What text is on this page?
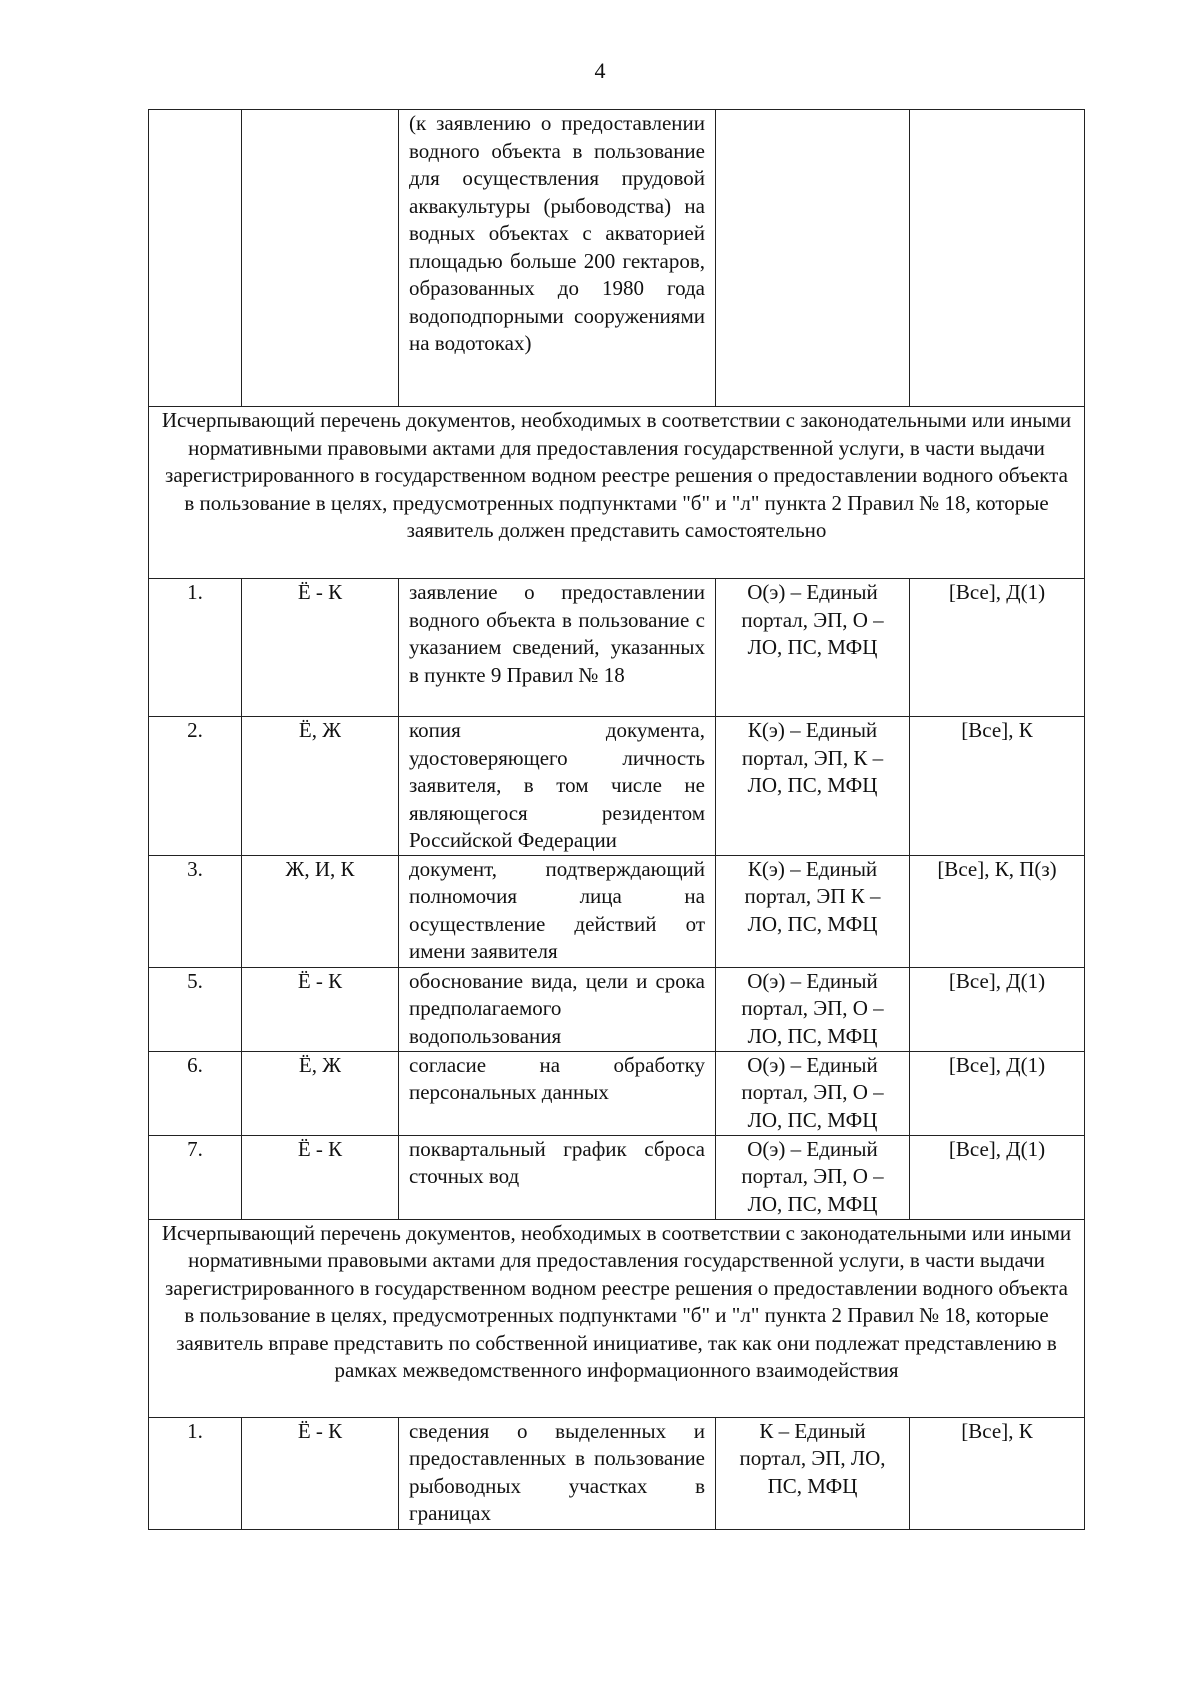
4
		(к заявлению о предоставлении водного объекта в пользование для осуществления прудовой аквакультуры (рыбоводства) на водных объектах с акваторией площадью больше 200 гектаров, образованных до 1980 года водоподпорными сооружениями на водотоках)		
Исчерпывающий перечень документов, необходимых в соответствии с законодательными или иными нормативными правовыми актами для предоставления государственной услуги, в части выдачи зарегистрированного в государственном водном реестре решения о предоставлении водного объекта в пользование в целях, предусмотренных подпунктами "б" и "л" пункта 2 Правил № 18, которые заявитель должен представить самостоятельно				
1.	Ё - К	заявление о предоставлении водного объекта в пользование с указанием сведений, указанных в пункте 9 Правил № 18	О(э) – Единый портал, ЭП, О – ЛО, ПС, МФЦ	[Все], Д(1)
2.	Ё, Ж	копия документа, удостоверяющего личность заявителя, в том числе не являющегося резидентом Российской Федерации	К(э) – Единый портал, ЭП, К – ЛО, ПС, МФЦ	[Все], К
3.	Ж, И, К	документ, подтверждающий полномочия лица на осуществление действий от имени заявителя	К(э) – Единый портал, ЭП К – ЛО, ПС, МФЦ	[Все], К, П(з)
5.	Ё - К	обоснование вида, цели и срока предполагаемого водопользования	О(э) – Единый портал, ЭП, О – ЛО, ПС, МФЦ	[Все], Д(1)
6.	Ё, Ж	согласие на обработку персональных данных	О(э) – Единый портал, ЭП, О – ЛО, ПС, МФЦ	[Все], Д(1)
7.	Ё - К	поквартальный график сброса сточных вод	О(э) – Единый портал, ЭП, О – ЛО, ПС, МФЦ	[Все], Д(1)
Исчерпывающий перечень документов, необходимых в соответствии с законодательными или иными нормативными правовыми актами для предоставления государственной услуги, в части выдачи зарегистрированного в государственном водном реестре решения о предоставлении водного объекта в пользование в целях, предусмотренных подпунктами "б" и "л" пункта 2 Правил № 18, которые заявитель вправе представить по собственной инициативе, так как они подлежат представлению в рамках межведомственного информационного взаимодействия				
1.	Ё - К	сведения о выделенных и предоставленных в пользование рыбоводных участках в границах	К – Единый портал, ЭП, ЛО, ПС, МФЦ	[Все], К
